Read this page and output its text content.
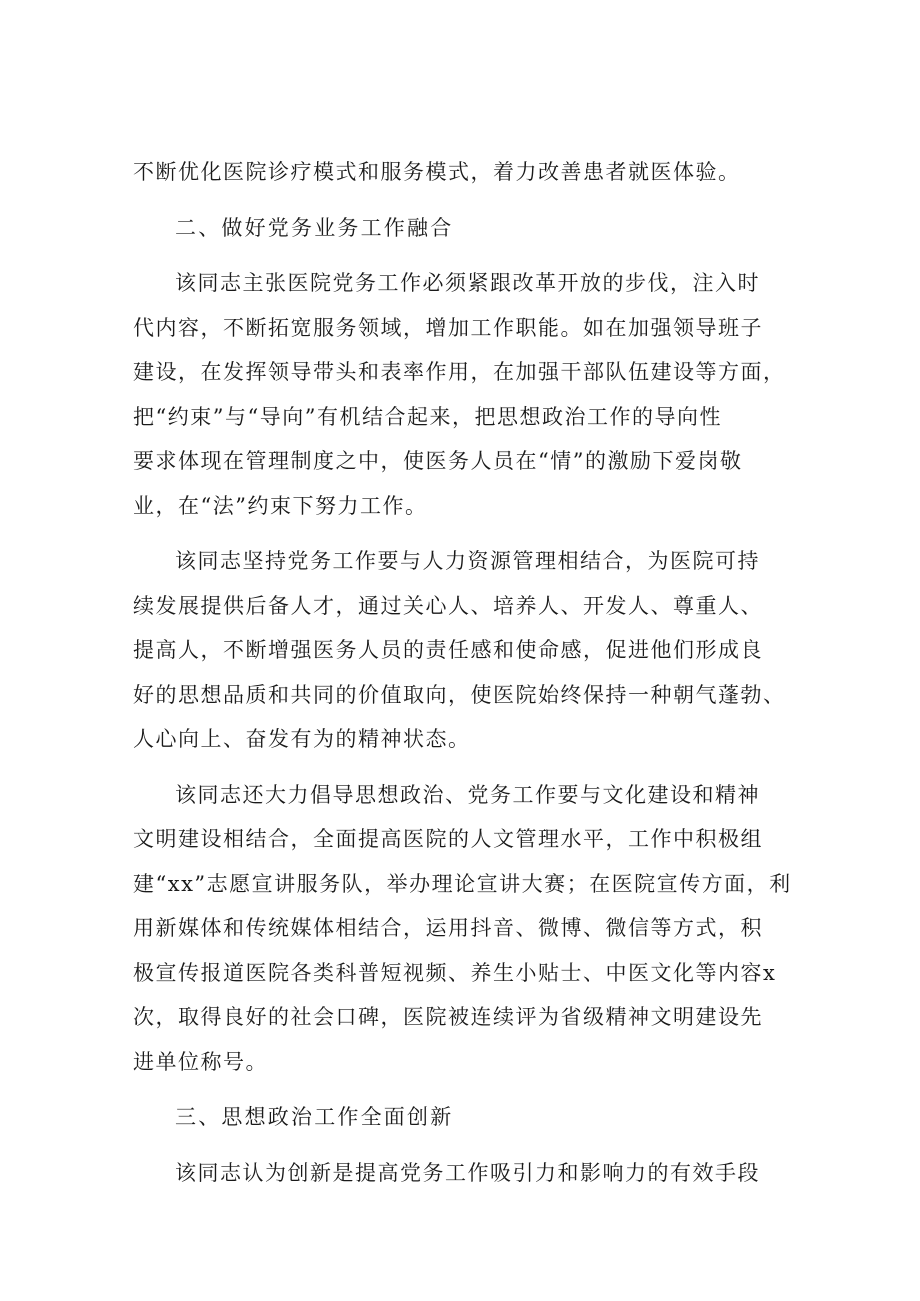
不断优化医院诊疗模式和服务模式，着力改善患者就医体验。
二、做好党务业务工作融合
该同志主张医院党务工作必须紧跟改革开放的步伐，注入时
代内容，不断拓宽服务领域，增加工作职能。如在加强领导班子
建设，在发挥领导带头和表率作用，在加强干部队伍建设等方面，
把“约束”与“导向”有机结合起来，把思想政治工作的导向性
要求体现在管理制度之中，使医务人员在“情”的激励下爱岗敬
业，在“法”约束下努力工作。
该同志坚持党务工作要与人力资源管理相结合，为医院可持
续发展提供后备人才，通过关心人、培养人、开发人、尊重人、
提高人，不断增强医务人员的责任感和使命感，促进他们形成良
好的思想品质和共同的价值取向，使医院始终保持一种朝气蓬勃、
人心向上、奋发有为的精神状态。
该同志还大力倡导思想政治、党务工作要与文化建设和精神
文明建设相结合，全面提高医院的人文管理水平，工作中积极组
建“xx”志愿宣讲服务队，举办理论宣讲大赛；在医院宣传方面，利
用新媒体和传统媒体相结合，运用抖音、微博、微信等方式，积
极宣传报道医院各类科普短视频、养生小贴士、中医文化等内容x
次，取得良好的社会口碑，医院被连续评为省级精神文明建设先
进单位称号。
三、思想政治工作全面创新
该同志认为创新是提高党务工作吸引力和影响力的有效手段
